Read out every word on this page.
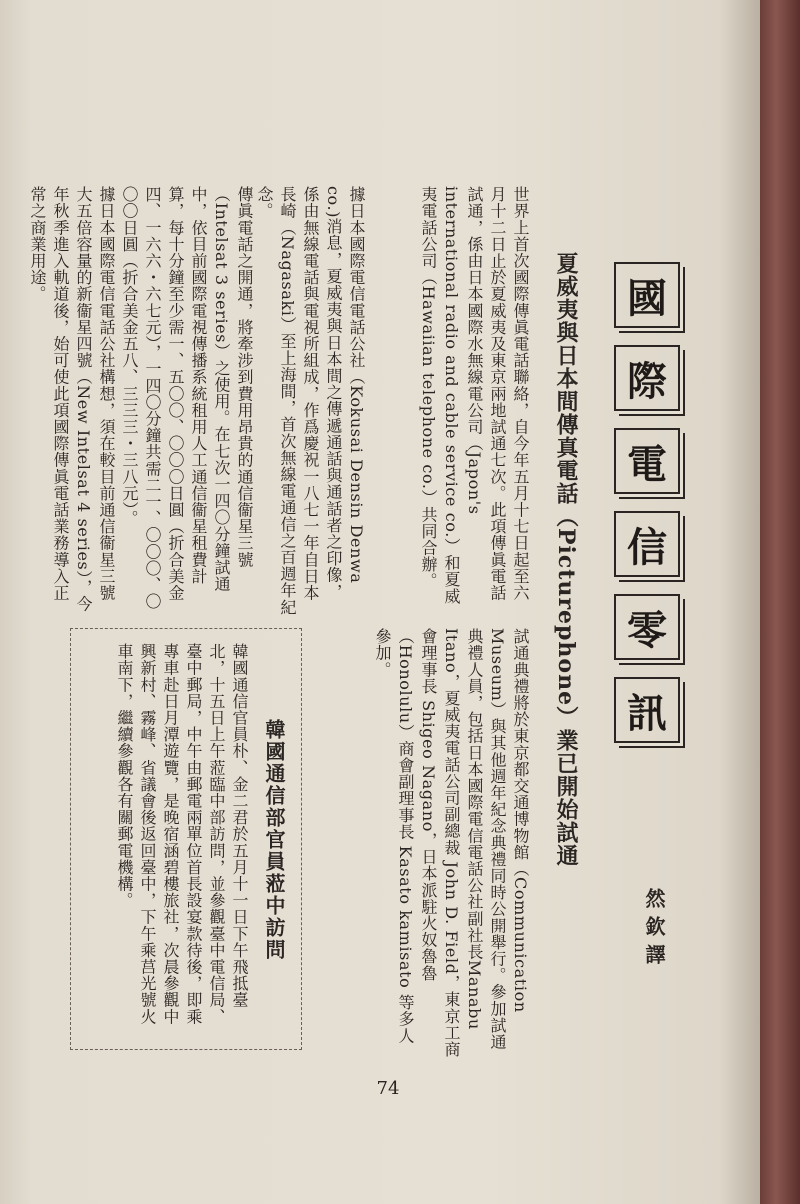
國
際
電
信
零
訊
然欽譯
夏威夷與日本間傳真電話（Picturephone）業已開始試通
世界上首次國際傳眞電話聯絡，自今年五月十七日起至六月十二日止於夏威夷及東京兩地試通七次。此項傳眞電話試通，係由日本國際水無線電公司（Japon's international radio and cable service co.）和夏威夷電話公司（Hawaiian telephone co.）共同合辦。
據日本國際電信電話公社（Kokusai Densin Denwa co.)消息，夏威夷與日本間之傳遞通話與通話者之印像，係由無線電話與電視所組成，作爲慶祝一八七一年自日本長崎（Nagasaki）至上海間，首次無線電通信之百週年紀念。
傳眞電話之開通，將牽涉到費用昂貴的通信衞星三號（Intelsat 3 series）之使用。在七次一四〇分鐘試通中，依目前國際電視傳播系統租用人工通信衞星租費計算，每十分鐘至少需一、五〇〇、〇〇〇日圓（折合美金四、一六六・六七元），一四〇分鐘共需二一、〇〇〇、〇〇〇日圓（折合美金五八、三三三・三八元）。
據日本國際電信電話公社構想，須在較目前通信衞星三號大五倍容量的新衞星四號（New Intelsat 4 series），今年秋季進入軌道後，始可使此項國際傳眞電話業務導入正常之商業用途。
試通典禮將於東京都交通博物館（Communication Museum）與其他週年紀念典禮同時公開舉行。參加試通典禮人員，包括日本國際電信電話公社副社長Manabu Itano，夏威夷電話公司副總裁 John D. Field，東京工商會理事長 Shigeo Nagano，日本派駐火奴魯魯（Honolulu）商會副理事長 Kasato kamisato 等多人參加。
韓國通信部官員蒞中訪問
韓國通信官員朴、金二君於五月十一日下午飛抵臺北，十五日上午蒞臨中部訪問，並參觀臺中電信局、臺中郵局，中午由郵電兩單位首長設宴款待後，即乘專車赴日月潭遊覽，是晚宿涵碧樓旅社，次晨參觀中興新村、霧峰、省議會後返回臺中，下午乘莒光號火車南下，繼續參觀各有關郵電機構。
74
